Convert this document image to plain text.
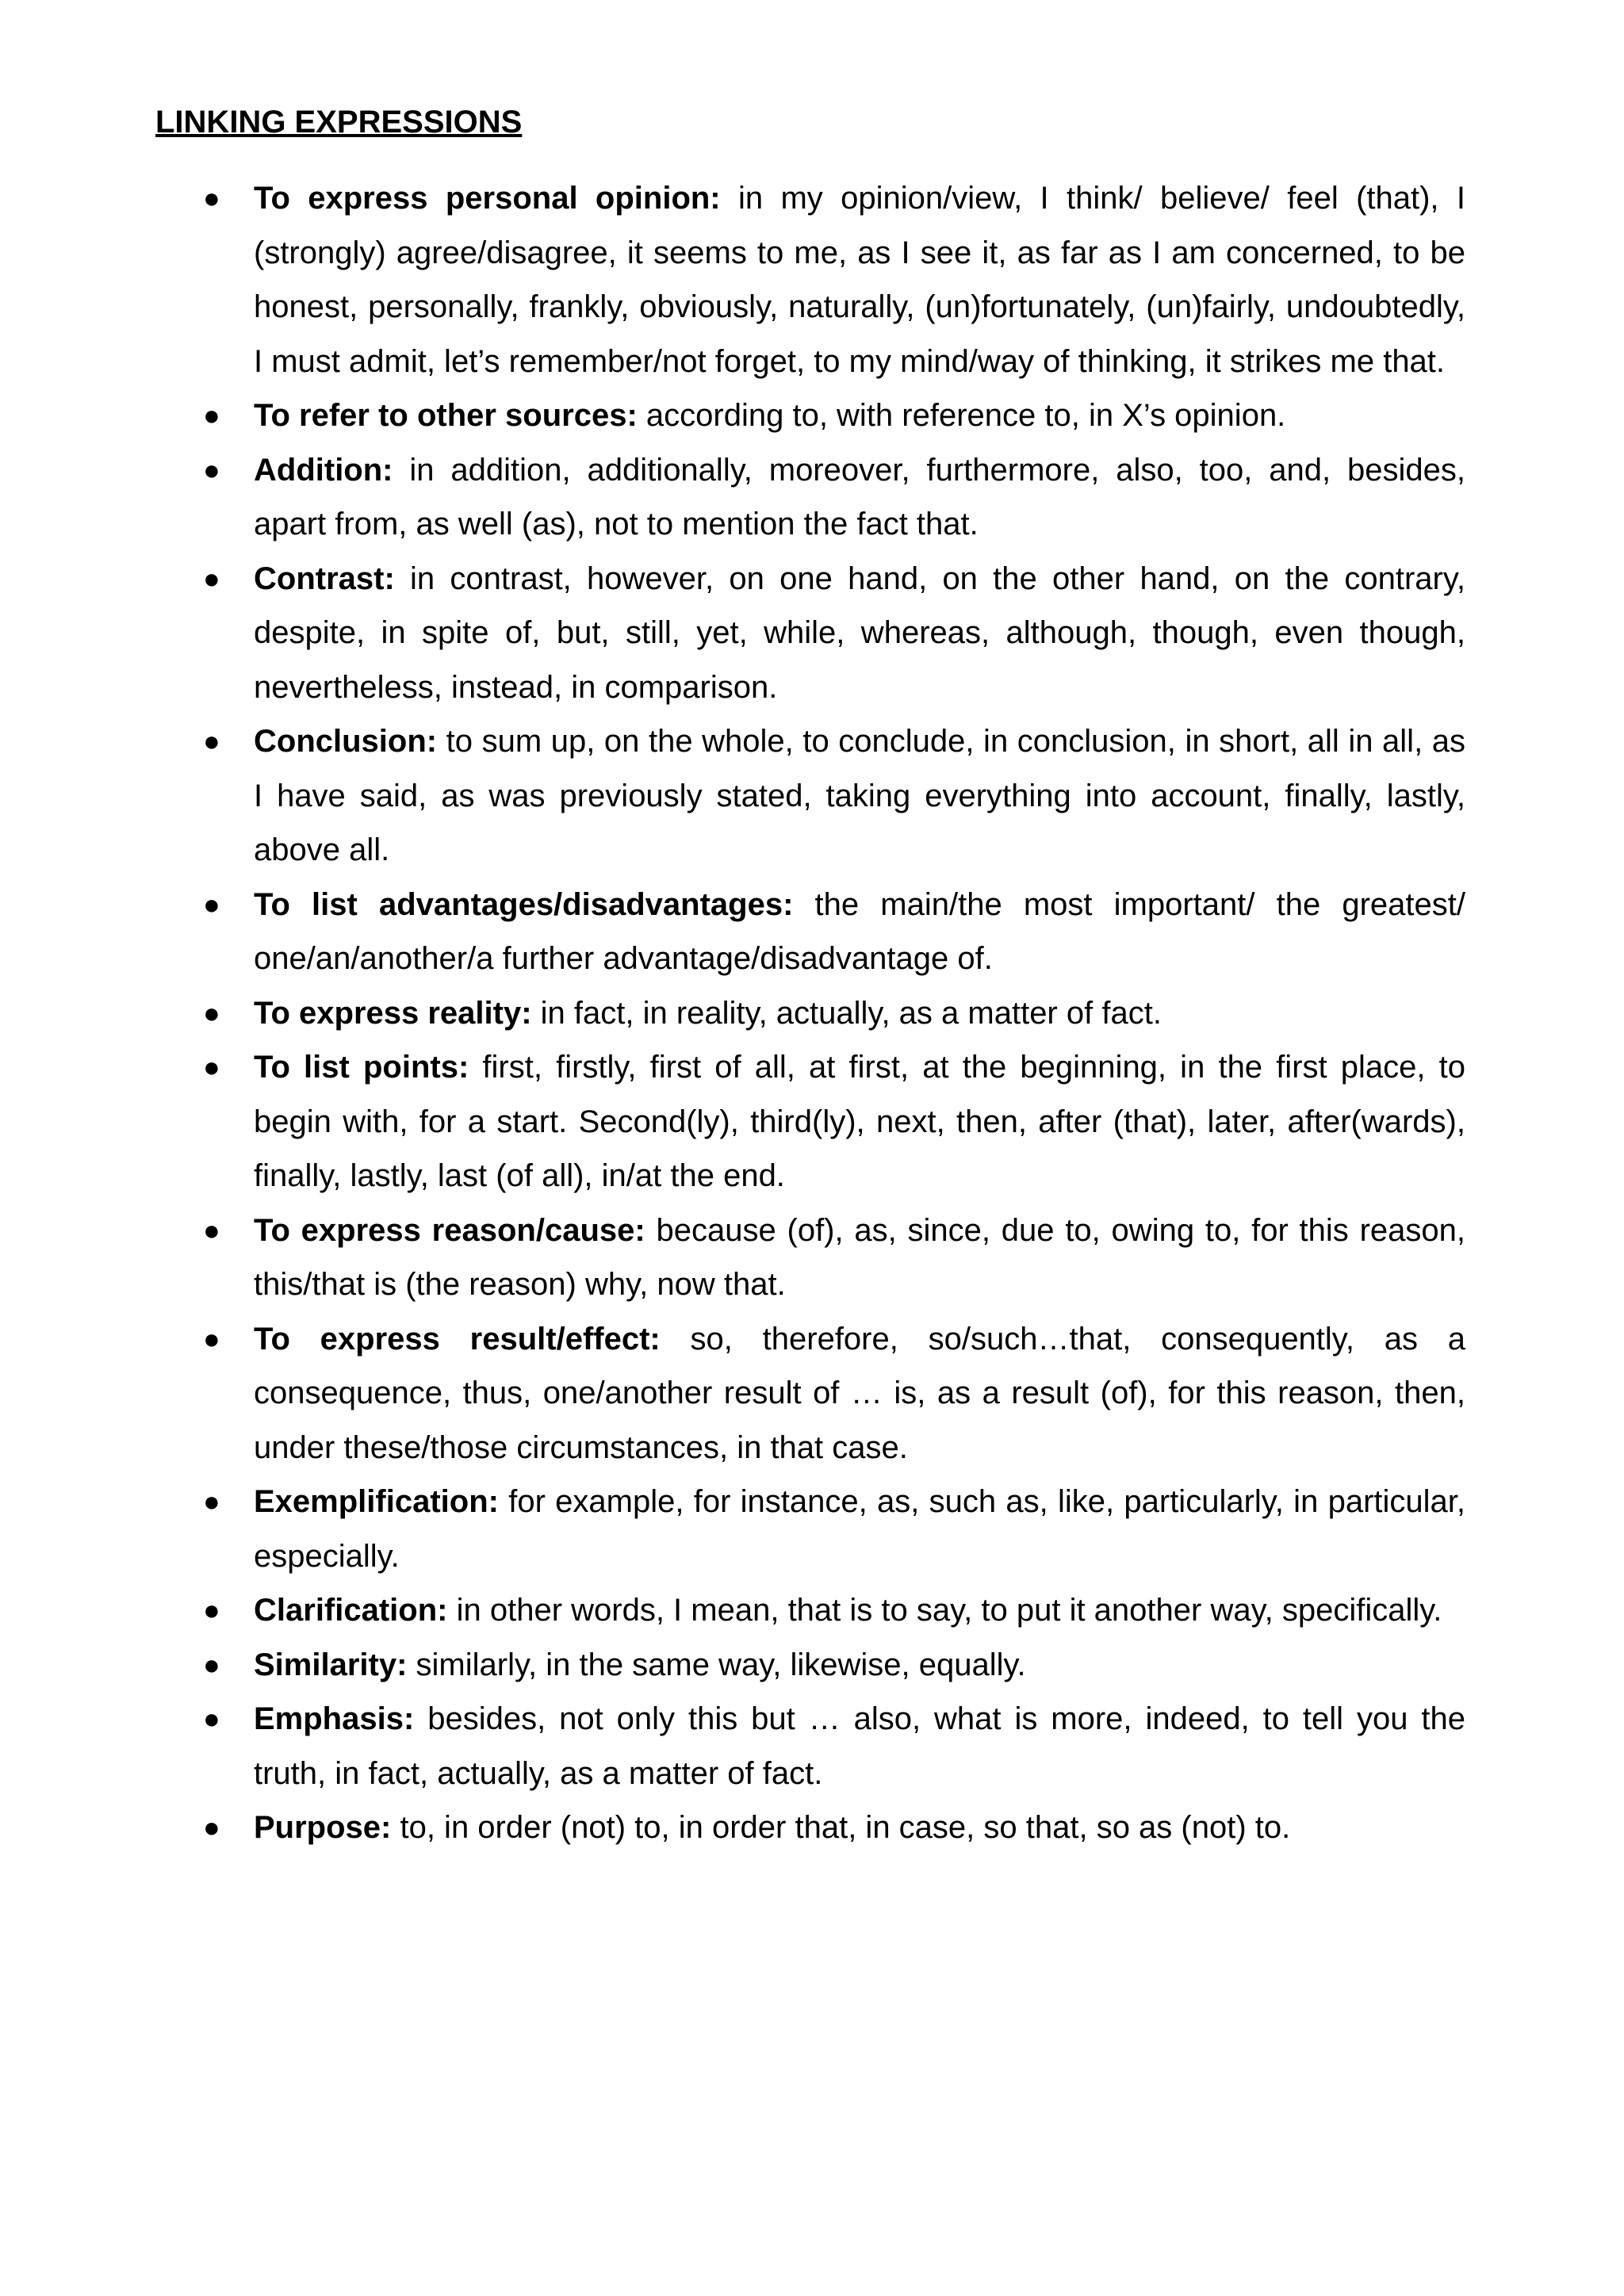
LINKING EXPRESSIONS
● To express personal opinion: in my opinion/view, I think/ believe/ feel (that), I (strongly) agree/disagree, it seems to me, as I see it, as far as I am concerned, to be honest, personally, frankly, obviously, naturally, (un)fortunately, (un)fairly, undoubtedly, I must admit, let’s remember/not forget, to my mind/way of thinking, it strikes me that.
● To refer to other sources: according to, with reference to, in X’s opinion.
● Addition: in addition, additionally, moreover, furthermore, also, too, and, besides, apart from, as well (as), not to mention the fact that.
● Contrast: in contrast, however, on one hand, on the other hand, on the contrary, despite, in spite of, but, still, yet, while, whereas, although, though, even though, nevertheless, instead, in comparison.
● Conclusion: to sum up, on the whole, to conclude, in conclusion, in short, all in all, as I have said, as was previously stated, taking everything into account, finally, lastly, above all.
● To list advantages/disadvantages: the main/the most important/ the greatest/ one/an/another/a further advantage/disadvantage of.
● To express reality: in fact, in reality, actually, as a matter of fact.
● To list points: first, firstly, first of all, at first, at the beginning, in the first place, to begin with, for a start. Second(ly), third(ly), next, then, after (that), later, after(wards), finally, lastly, last (of all), in/at the end.
● To express reason/cause: because (of), as, since, due to, owing to, for this reason, this/that is (the reason) why, now that.
● To express result/effect: so, therefore, so/such…that, consequently, as a consequence, thus, one/another result of … is, as a result (of), for this reason, then, under these/those circumstances, in that case.
● Exemplification: for example, for instance, as, such as, like, particularly, in particular, especially.
● Clarification: in other words, I mean, that is to say, to put it another way, specifically.
● Similarity: similarly, in the same way, likewise, equally.
● Emphasis: besides, not only this but … also, what is more, indeed, to tell you the truth, in fact, actually, as a matter of fact.
● Purpose: to, in order (not) to, in order that, in case, so that, so as (not) to.
